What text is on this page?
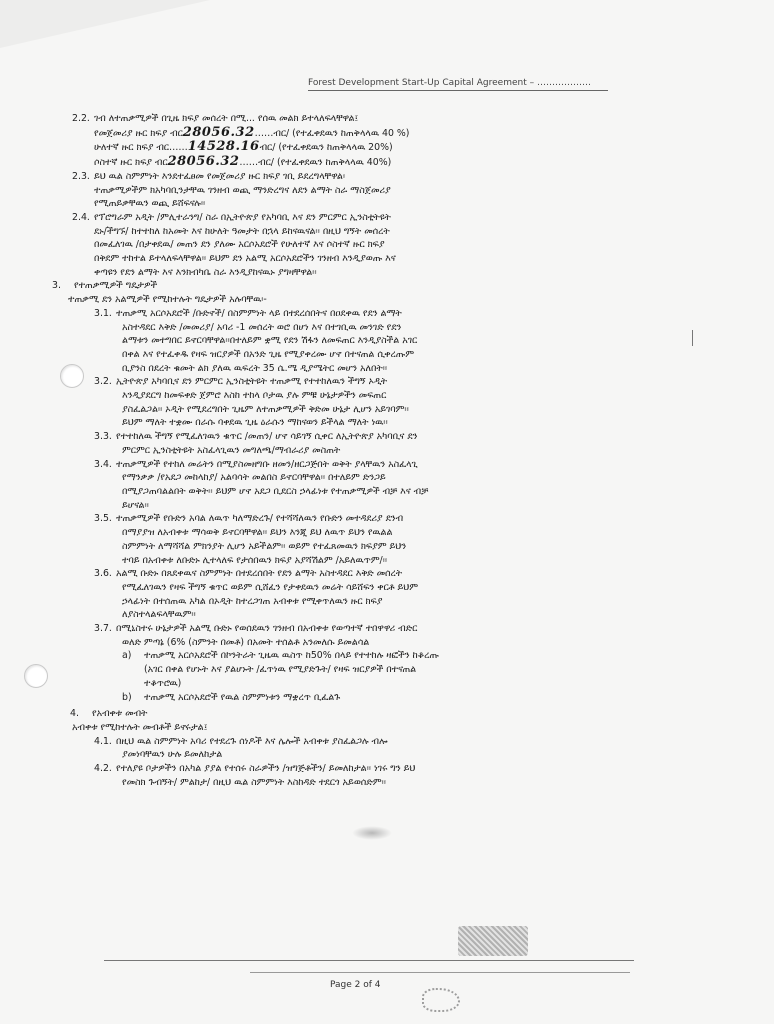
Forest Development Start-Up Capital Agreement – ………………
2.2. ገብ ለተጠቃሚዎች በጊዜ ክፍያ መሰረት በሚ... የሰዉ መልክ ይተላለፍላቸዋል፤
የመጀመሪያ ዙር ክፍያ ብር28056.32……ብር/ (የተፈቀደዉን ከጠቅላላዉ 40 %)
ሁለተኛ ዙር ክፍያ ብር……14528.16ብር/ (የተፈቀደዉን ከጠቅላላዉ 20%)
ሶስተኛ ዙር ክፍያ ብር28056.32……ብር/ (የተፈቀደዉን ከጠቅላላዉ 40%)
2.3. ይህ ዉል ስምምነት እንደተፈፀመ የመጀመሪያ ዙር ክፍያ ገቢ ይደረግላቸዋል፡
ተጠቃሚዎችም ክአካባቢንታቸዉ ገንዘብ ወጪ ማንድረግና ለደን ልማት ስራ ማስጀመሪያ
የሚጠይቃቸዉን ወጪ ይሸፍናሉ፡፡
2.4. የፕሮግራም አዲት /ምሊተራንግ/ ስራ በኢትዮጵያ የአካባቢ እና ደን ምርምር ኢንስቲትዩት
ደኑ/ችግኙ/ ከተተከለ ከአመት እና ከሁለት ዓመታት በኋላ ይከናዉናል፡፡ በዚህ ግኝት መሰረት
በመፈለገዉ /በታቀደዉ/ መጠን ደን ያለሙ አርሶአደሮች የሁለተኛ እና ሶስተኛ ዙር ክፍያ
በቅደም ተከተል ይተላለፍላቸዋል፡፡ ይህም ደን አልሚ አርሶአደሮችን ገንዘብ እንዲያወጡ እና
ቀጣዩን የደን ልማት እና እንክብካቤ ስራ እንዲያከናዉኑ ያግዛቸዋል፡፡
3. የተጠቃሚዎች ግዴታዎች
ተጠቃሚ ደን አልሚዎች የሚከተሉት ግዴታዎች አሉባቸዉ፡-
3.1. ተጠቃሚ አርሶአደሮች /ቡድኖች/ በስምምነት ላይ በተደረሰበትና በዐደቀዉ የደን ልማት
አስተዳደር እቅድ /መመሪያ/ አባሪ -1 መሰረት ወሮ በሆነ እና በተገቢዉ መንገድ የደን
ልማቱን መተግበር ይኖርባቸዋል፡፡በተለይም ቋሚ የደን ሽፋን ለመፍጠር እንዲያስችል አገር
በቀል እና የተፈቀዱ የዛፍ ዝርያዎች በአንድ ጊዜ የሚያቀረሙ ሆኖ በተናጠል ሲቀረጡም
ቢያንስ በደረት ቁመት ልክ ያለዉ ዉፍረት 35 ሴ.ሜ ዲያሜትር መሆን አለበት፡፡
3.2. ኢትዮጵያ አካባቢና ደን ምርምር ኢንስቲትዩት ተጠቃሚ የተተከለዉን ችግኝ ኦዲት
እንዲያደርግ ከመፍቀድ ጀምሮ እስከ ተከላ ቦታዉ ያሉ ምቹ ሁኔታዎችን መፍጠር
ያስፈልጋል፡፡ ኦዲት የሚደረግበት ጊዜም ለተጠቃሚዎች ቅድመ ሁኔታ ሊሆን አይገባም፡፡
ይህም ማለት ተቋሙ በራሱ ባቀደዉ ጊዜ ዕራሱን ማከናወን ይችላል ማለት ነዉ፡፡
3.3. የተተከለዉ ችግኝ የሚፈለገዉን ቁጥር /መጠን/ ሆኖ ሳይገኝ ሲቀር ለኢትዮጵያ አካባቢና ደን
ምርምር ኢንስቲትዩት አስፈላጊዉን መግለጫ/ማብራሪያ መስጠት
3.4. ተጠቃሚዎች የተከለ መሬትን በሚያስመዘግቡ ዘመን/ዘርጋጅበት ወቅት ያላቸዉን አስፈላጊ
የማንቃቃ /የአደጋ መከላከያ/ አልባሳት መልበስ ይኖርባቸዋል፡፡ በተለይም ድንጋይ
በሚያጋጠባልልበት ወቅት፡፡ ይህም ሆኖ አደጋ ቢደርስ ኃላፊነቱ የተጠቃሚዎች ብቻ እና ብቻ
ይሆናል፡፡
3.5. ተጠቃሚዎች የቡድን አባል ለዉጥ ካለማድረጉ/ የተሻሻለዉን የቡድን መተዳደሪያ ደንብ
በማያያዝ ለአብቀቱ ማሳወቅ ይኖርባቸዋል፡፡ ይህን እንጂ ይህ ለዉጥ ይህን የዉልል
ስምምነት ለማሻሻል ምክንያት ሊሆን አይችልም፡፡ ወይም የተፈጸመዉን ክፍያም ይህን
ተባይ በአብቀቱ ለቡድኑ ሊተላለፍ የታሰበዉን ክፍያ አያሻሽልም /አይለዉጥም/፡፡
3.6. አልሚ ቡድኑ በጸደቀዉና ስምምነት በተደረሰበት የደን ልማት አስተዳደር እቅድ መሰረት
የሚፈለገዉን የዛፍ ችግኝ ቁጥር ወይም ሲሸፈን የታቀደዉን መሬት ሳይሸፍን ቀርቶ ይህም
ኃላፊነት በተሰጠዉ አካል በኦዲት ከተረጋገጠ አብቀቱ የሚቀጥለዉን ዙር ክፍያ
ለያስተላልፍላቸዉም፡፡
3.7. በሚኒስተሩ ሁኔታዎች አልሚ ቡድኑ የወሰደዉን ገንዘብ በአብቀቱ የወጣተኛ ተበዋዋሪ ብድር
ወለድ ምጣኔ (6% (ስምንት በመቶ) በአመት ተሰልቶ አንመለሱ ይመልሳል
a) ተጠቃሚ አርሶአደሮች በኮንትራት ጊዜዉ ዉስጥ ከ50% በላይ የተተከሉ ዛፎችን ከቆረጡ
(አገር በቀል የሆኑት እና ያልሆኑት /ፈጥነዉ የሚያድጉት/ የዛፍ ዝርያዎች በተናጠል
ተቆጥሮዉ)
b) ተጠቃሚ አርሶአደሮች የዉል ስምምነቱን ማቋረጥ ቢፈልጉ
4. የአብቀቱ መብት
አብቀቱ የሚከተሉት መብቶች ይኖሩታል፤
4.1. በዚህ ዉል ስምምነት አባሪ የተደረጉ ሰነዶች እና ሌሎች አብቀቱ ያስፈልጋሉ ብሎ
ያመነባቸዉን ሁሉ ይመለከታል
4.2. የተለያዩ ቦታዎችን በአካል ያያል የተሰሩ ስራዎችን /ዝግጅቶችን/ ይመለከታል፡፡ ነገሩ ግን ይህ
የመስክ ጉብኝት/ ምልከታ/ በዚህ ዉል ስምምነት እስከዳድ ተደርጎ አይወሰድም፡፡
Page 2 of 4
